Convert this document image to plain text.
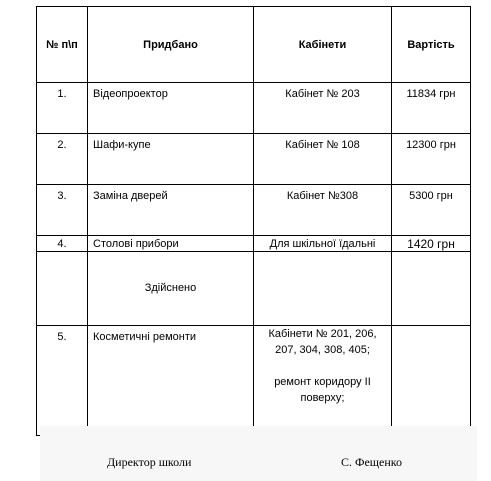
№ п\п	Придбано	Кабінети	Вартість
1.	Відеопроектор	Кабінет № 203	11834 грн
2.	Шафи-купе	Кабінет № 108	12300 грн
3.	Заміна дверей	Кабінет №308	5300 грн
4.	Столові прибори	Для шкільної їдальні	1420 грн
	Здійснено		
5.	Косметичні ремонти	Кабінети № 201, 206,
207, 304, 308, 405;
ремонт коридору ІІ
поверху;	

Директор школи	С. Фещенко
